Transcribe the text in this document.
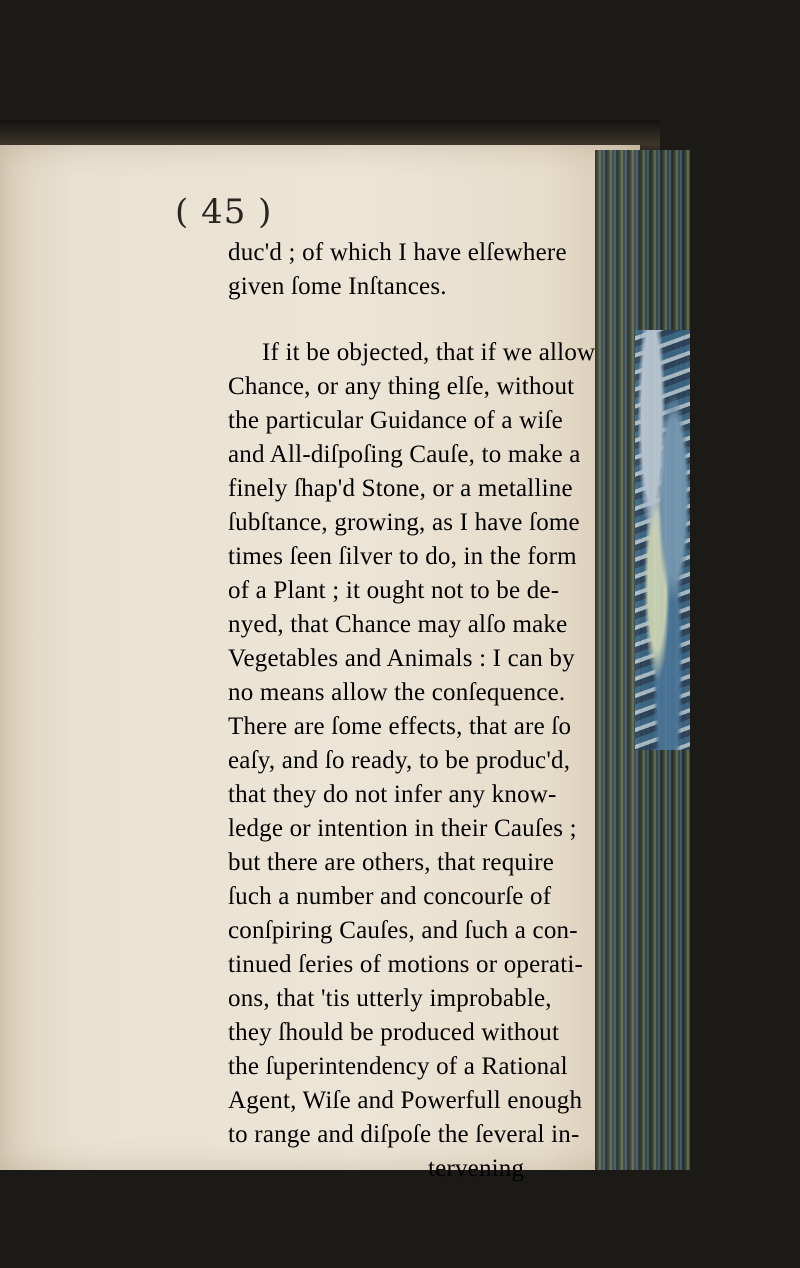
( 45 )
duc'd ; of which I have elſewhere
given ſome Inſtances.
If it be objected, that if we allow
Chance, or any thing elſe, without
the particular Guidance of a wiſe
and All-diſpoſing Cauſe, to make a
finely ſhap'd Stone, or a metalline
ſubſtance, growing, as I have ſome
times ſeen ſilver to do, in the form
of a Plant ; it ought not to be de-
nyed, that Chance may alſo make
Vegetables and Animals : I can by
no means allow the conſequence.
There are ſome effects, that are ſo
eaſy, and ſo ready, to be produc'd,
that they do not infer any know-
ledge or intention in their Cauſes ;
but there are others, that require
ſuch a number and concourſe of
conſpiring Cauſes, and ſuch a con-
tinued ſeries of motions or operati-
ons, that 'tis utterly improbable,
they ſhould be produced without
the ſuperintendency of a Rational
Agent, Wiſe and Powerfull enough
to range and diſpoſe the ſeveral in-
tervening
